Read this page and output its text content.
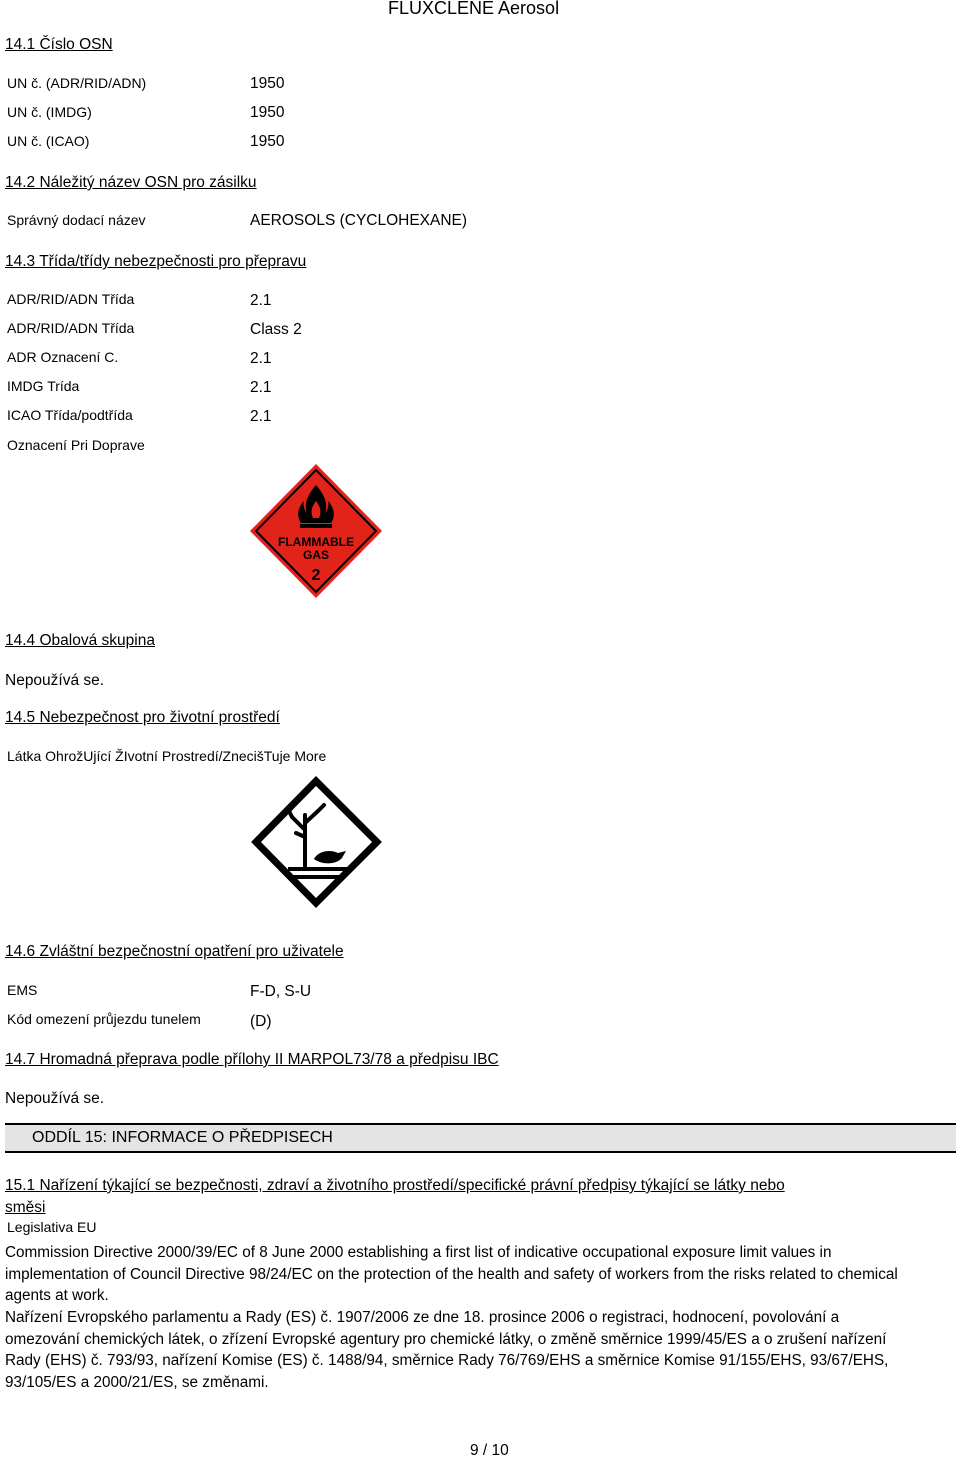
FLUXCLENE Aerosol
14.1 Číslo OSN
UN č. (ADR/RID/ADN)	1950
UN č. (IMDG)	1950
UN č. (ICAO)	1950
14.2 Náležitý název OSN pro zásilku
Správný dodací název	AEROSOLS (CYCLOHEXANE)
14.3 Třída/třídy nebezpečnosti pro přepravu
ADR/RID/ADN Třída	2.1
ADR/RID/ADN Třída	Class 2
ADR Oznacení C.	2.1
IMDG Trída	2.1
ICAO Třída/podtřída	2.1
Oznacení Pri Doprave
FLAMMABLE
GAS
2
14.4 Obalová skupina
Nepoužívá se.
14.5 Nebezpečnost pro životní prostředí
Látka OhrožUjící ŽIvotní Prostredí/ZnecišTuje More
14.6 Zvláštní bezpečnostní opatření pro uživatele
EMS	F-D, S-U
Kód omezení průjezdu tunelem	(D)
14.7 Hromadná přeprava podle přílohy II MARPOL73/78 a předpisu IBC
Nepoužívá se.
ODDÍL 15: INFORMACE O PŘEDPISECH
15.1 Nařízení týkající se bezpečnosti, zdraví a životního prostředí/specifické právní předpisy týkající se látky nebo
směsi
Legislativa EU
Commission Directive 2000/39/EC of 8 June 2000 establishing a first list of indicative occupational exposure limit values in implementation of Council Directive 98/24/EC on the protection of the health and safety of workers from the risks related to chemical agents at work.
Nařízení Evropského parlamentu a Rady (ES) č. 1907/2006 ze dne 18. prosince 2006 o registraci, hodnocení, povolování a omezování chemických látek, o zřízení Evropské agentury pro chemické látky, o změně směrnice 1999/45/ES a o zrušení nařízení Rady (EHS) č. 793/93, nařízení Komise (ES) č. 1488/94, směrnice Rady 76/769/EHS a směrnice Komise 91/155/EHS, 93/67/EHS, 93/105/ES a 2000/21/ES, se změnami.
9 / 10
